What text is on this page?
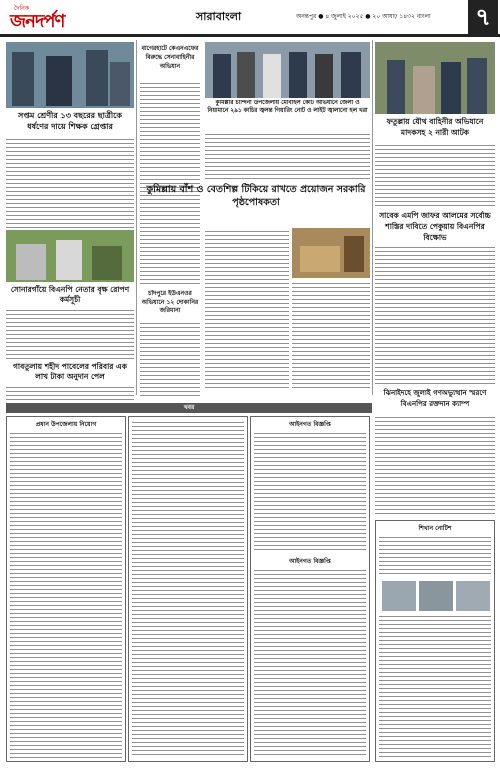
দৈনিক
জনদর্পণ	সারাবাংলা	অনন্তপুর ● ৪ জুলাই ২০২৫ ● ২০ আষাঢ় ১৪৩২ বাংলা	৭
সপ্তম শ্রেণীর ১৩ বছরের ছাত্রীকে ধর্ষণের দায়ে শিক্ষক গ্রেপ্তার
সোনারগাঁয়ে বিএনপি নেতার বৃক্ষ রোপণ কর্মসূচী
গাবতুলায় শহীদ পাবেলের পরিবার এক লাখ টাকা অনুদান পেল
বাগেরহাটে কেএনএফের বিরুদ্ধে সেনাবাহিনীর অভিযান
কুমিল্লার চান্দিনা উপজেলায় মোবাইল কোর্ট অভিযানে জেলা ও নিয়ামানে ২৯১ কাচির জ্বলন্ত গিয়ারিং নোট ও লাইট জ্বালানো হল খরা
কুমিল্লায় বাঁশ ও বেতশিল্প টিকিয়ে রাখতে প্রয়োজন সরকারি পৃষ্ঠপোষকতা
চাঁদপুরে ইউএনওর অভিযানে ১২ দোকানির জরিমানা
ফতুল্লায় যৌথ বাহিনীর অভিযানে মাদকসহ ২ নারী আটক
সাবেক এমপি জাফর আলমের সর্বোচ্চ শাস্তির দাবিতে পেকুয়ায় বিএনপির বিক্ষোভ
ঝিনাইদহে জুলাই গণঅভ্যুত্থান স্মরণে বিএনপির রক্তদান ক্যাম্প
খবর
প্রধান উপজেলায় নিয়োগ	আইনগত বিজ্ঞপ্তি
আইনগত বিজ্ঞপ্তি
শিখান নোটিশ
